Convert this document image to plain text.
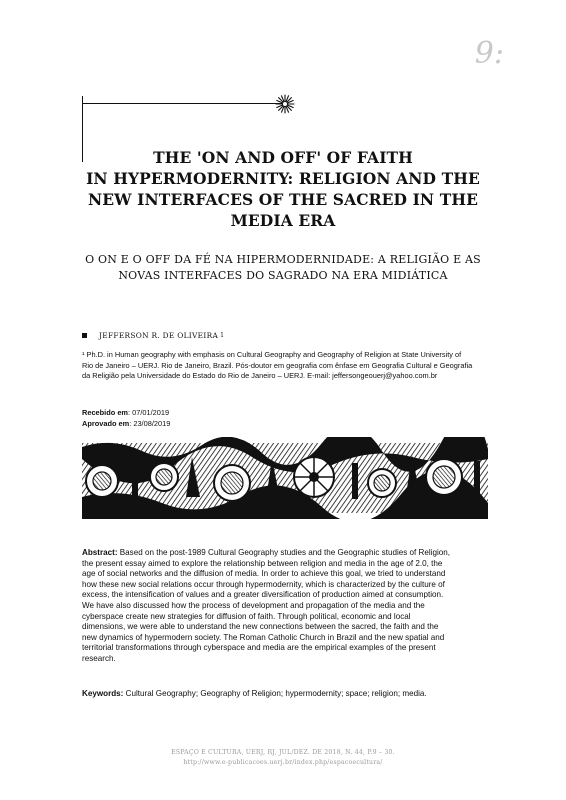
9:
THE 'ON AND OFF' OF FAITH
IN HYPERMODERNITY: RELIGION AND THE
NEW INTERFACES OF THE SACRED IN THE
MEDIA ERA
O ON E O OFF DA FÉ NA HIPERMODERNIDADE: A RELIGIÃO E AS
NOVAS INTERFACES DO SAGRADO NA ERA MIDIÁTICA
JEFFERSON R. DE OLIVEIRA 1
¹ Ph.D. in Human geography with emphasis on Cultural Geography and Geography of Religion at State University of
Rio de Janeiro – UERJ. Rio de Janeiro, Brazil. Pós-doutor em geografia com ênfase em Geografia Cultural e Geografia
da Religião pela Universidade do Estado do Rio de Janeiro – UERJ. E-mail: jeffersongeouerj@yahoo.com.br
Recebido em: 07/01/2019
Aprovado em: 23/08/2019
Abstract: Based on the post-1989 Cultural Geography studies and the Geographic studies of Religion,
the present essay aimed to explore the relationship between religion and media in the age of 2.0, the
age of social networks and the diffusion of media. In order to achieve this goal, we tried to understand
how these new social relations occur through hypermodernity, which is characterized by the culture of
excess, the intensification of values and a greater diversification of production aimed at consumption.
We have also discussed how the process of development and propagation of the media and the
cyberspace create new strategies for diffusion of faith. Through political, economic and local
dimensions, we were able to understand the new connections between the sacred, the faith and the
new dynamics of hypermodern society. The Roman Catholic Church in Brazil and the new spatial and
territorial transformations through cyberspace and media are the empirical examples of the present
research.
Keywords: Cultural Geography; Geography of Religion; hypermodernity; space; religion; media.
ESPAÇO E CULTURA, UERJ, RJ, JUL/DEZ. DE 2018, N. 44, P.9 – 30.
http://www.e-publicacoes.uerj.br/index.php/espacoecultura/
